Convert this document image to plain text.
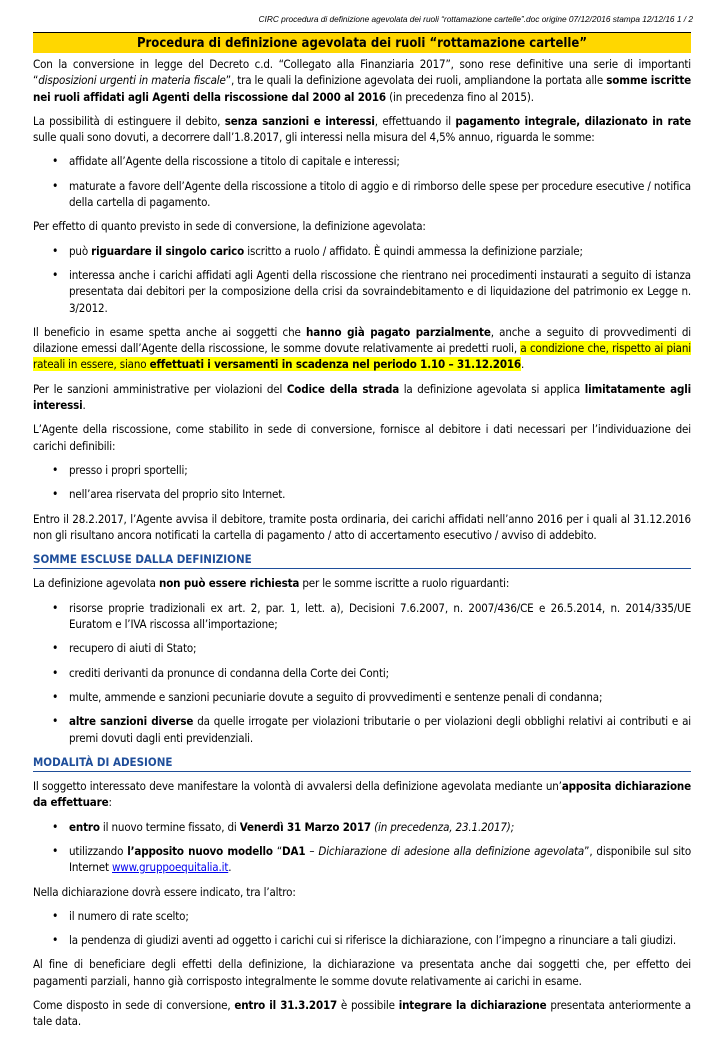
CIRC procedura di definizione agevolata dei ruoli “rottamazione cartelle”.doc origine 07/12/2016 stampa 12/12/16 1 / 2
Procedura di definizione agevolata dei ruoli “rottamazione cartelle”

Con la conversione in legge del Decreto c.d. “Collegato alla Finanziaria 2017”, sono rese definitive una serie di importanti “disposizioni urgenti in materia fiscale”, tra le quali la definizione agevolata dei ruoli, ampliandone la portata alle somme iscritte nei ruoli affidati agli Agenti della riscossione dal 2000 al 2016 (in precedenza fino al 2015).

La possibilità di estinguere il debito, senza sanzioni e interessi, effettuando il pagamento integrale, dilazionato in rate sulle quali sono dovuti, a decorrere dall’1.8.2017, gli interessi nella misura del 4,5% annuo, riguarda le somme:

• affidate all’Agente della riscossione a titolo di capitale e interessi;
• maturate a favore dell’Agente della riscossione a titolo di aggio e di rimborso delle spese per procedure esecutive / notifica della cartella di pagamento.

Per effetto di quanto previsto in sede di conversione, la definizione agevolata:

• può riguardare il singolo carico iscritto a ruolo / affidato. È quindi ammessa la definizione parziale;
• interessa anche i carichi affidati agli Agenti della riscossione che rientrano nei procedimenti instaurati a seguito di istanza presentata dai debitori per la composizione della crisi da sovraindebitamento e di liquidazione del patrimonio ex Legge n. 3/2012.

Il beneficio in esame spetta anche ai soggetti che hanno già pagato parzialmente, anche a seguito di provvedimenti di dilazione emessi dall’Agente della riscossione, le somme dovute relativamente ai predetti ruoli, a condizione che, rispetto ai piani rateali in essere, siano effettuati i versamenti in scadenza nel periodo 1.10 – 31.12.2016.

Per le sanzioni amministrative per violazioni del Codice della strada la definizione agevolata si applica limitatamente agli interessi.

L’Agente della riscossione, come stabilito in sede di conversione, fornisce al debitore i dati necessari per l’individuazione dei carichi definibili:

• presso i propri sportelli;
• nell’area riservata del proprio sito Internet.

Entro il 28.2.2017, l’Agente avvisa il debitore, tramite posta ordinaria, dei carichi affidati nell’anno 2016 per i quali al 31.12.2016 non gli risultano ancora notificati la cartella di pagamento / atto di accertamento esecutivo / avviso di addebito.

SOMME ESCLUSE DALLA DEFINIZIONE

La definizione agevolata non può essere richiesta per le somme iscritte a ruolo riguardanti:

• risorse proprie tradizionali ex art. 2, par. 1, lett. a), Decisioni 7.6.2007, n. 2007/436/CE e 26.5.2014, n. 2014/335/UE Euratom e l’IVA riscossa all’importazione;
• recupero di aiuti di Stato;
• crediti derivanti da pronunce di condanna della Corte dei Conti;
• multe, ammende e sanzioni pecuniarie dovute a seguito di provvedimenti e sentenze penali di condanna;
• altre sanzioni diverse da quelle irrogate per violazioni tributarie o per violazioni degli obblighi relativi ai contributi e ai premi dovuti dagli enti previdenziali.
MODALITÀ DI ADESIONE

Il soggetto interessato deve manifestare la volontà di avvalersi della definizione agevolata mediante un’apposita dichiarazione da effettuare:

• entro il nuovo termine fissato, di Venerdì 31 Marzo 2017 (in precedenza, 23.1.2017);
• utilizzando l’apposito nuovo modello “DA1 – Dichiarazione di adesione alla definizione agevolata”, disponibile sul sito Internet www.gruppoequitalia.it.

Nella dichiarazione dovrà essere indicato, tra l’altro:

• il numero di rate scelto;
• la pendenza di giudizi aventi ad oggetto i carichi cui si riferisce la dichiarazione, con l’impegno a rinunciare a tali giudizi.

Al fine di beneficiare degli effetti della definizione, la dichiarazione va presentata anche dai soggetti che, per effetto dei pagamenti parziali, hanno già corrisposto integralmente le somme dovute relativamente ai carichi in esame.

Come disposto in sede di conversione, entro il 31.3.2017 è possibile integrare la dichiarazione presentata anteriormente a tale data.
